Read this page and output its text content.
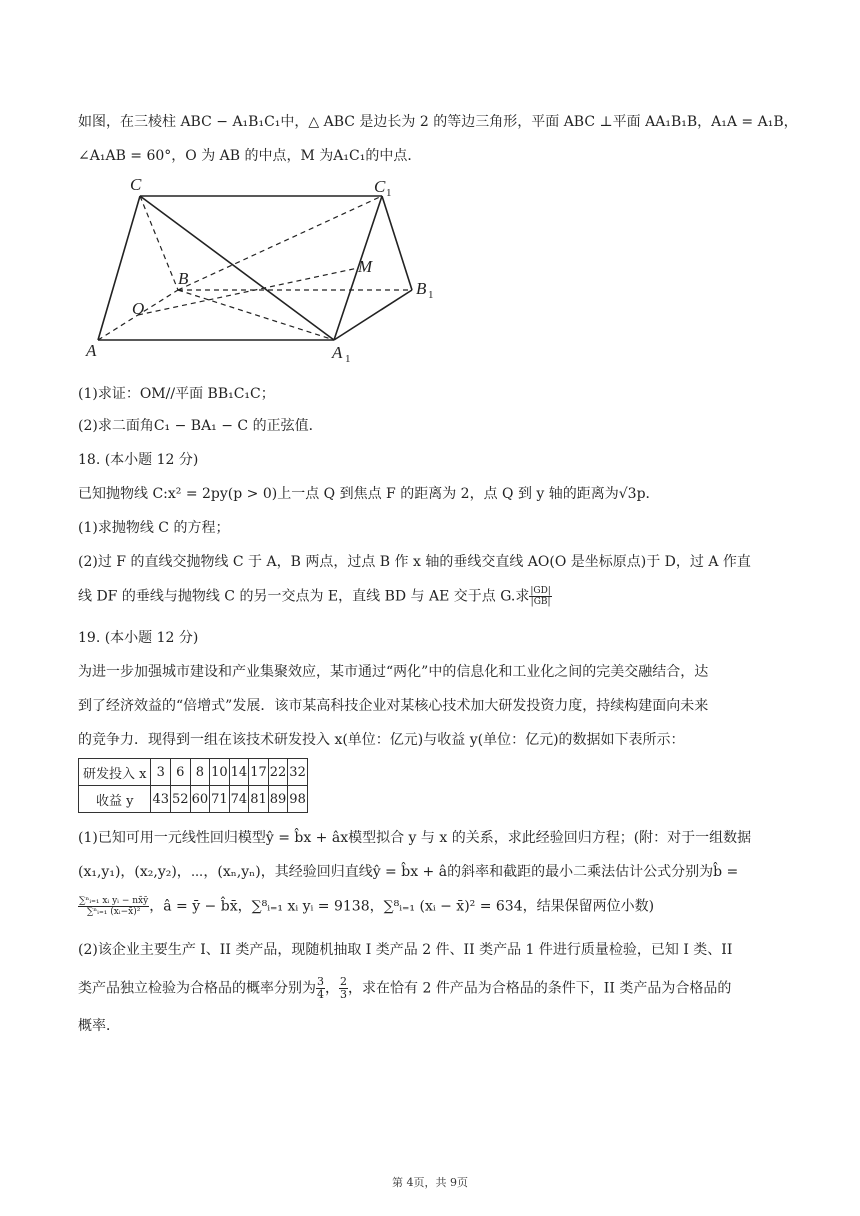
如图，在三棱柱 ABC − A₁B₁C₁中，△ ABC 是边长为 2 的等边三角形，平面 ABC ⊥平面 AA₁B₁B，A₁A = A₁B，
∠A₁AB = 60°，O 为 AB 的中点，M 为A₁C₁的中点．
C	C 1
B
M
B 1
O
A	A 1
(1)求证：OM//平面 BB₁C₁C；
(2)求二面角C₁ − BA₁ − C 的正弦值．
18. (本小题 12 分)
已知抛物线 C:x² = 2py(p > 0)上一点 Q 到焦点 F 的距离为 2，点 Q 到 y 轴的距离为√3p．
(1)求抛物线 C 的方程；
(2)过 F 的直线交抛物线 C 于 A，B 两点，过点 B 作 x 轴的垂线交直线 AO(O 是坐标原点)于 D，过 A 作直
线 DF 的垂线与抛物线 C 的另一交点为 E，直线 BD 与 AE 交于点 G.求 $\frac{|GD|}{|GB|}$
19. (本小题 12 分)
为进一步加强城市建设和产业集聚效应，某市通过“两化”中的信息化和工业化之间的完美交融结合，达
到了经济效益的“倍增式”发展．该市某高科技企业对某核心技术加大研发投资力度，持续构建面向未来
的竞争力．现得到一组在该技术研发投入 x(单位：亿元)与收益 y(单位：亿元)的数据如下表所示：
研发投入 x	3	6	8	10	14	17	22	32
收益 y	43	52	60	71	74	81	89	98
(1)已知可用一元线性回归模型ŷ = b̂x + âx模型拟合 y 与 x 的关系，求此经验回归方程；(附：对于一组数据
(x₁,y₁)，(x₂,y₂)，⋯，(xₙ,yₙ)，其经验回归直线ŷ = b̂x + â的斜率和截距的最小二乘法估计公式分别为b̂ =
$\frac{\text{∑ⁿᵢ₌₁ xᵢ yᵢ − nx̄ȳ}}{\text{∑ⁿᵢ₌₁ (xᵢ−x̄)²}}$ ，â = ȳ − b̂x̄，∑⁸ᵢ₌₁ xᵢ yᵢ = 9138，∑⁸ᵢ₌₁ (xᵢ − x̄)² = 634，结果保留两位小数)
(2)该企业主要生产 I、II 类产品，现随机抽取 I 类产品 2 件、II 类产品 1 件进行质量检验，已知 I 类、II
类产品独立检验为合格品的概率分别为 $\frac{3}{4}$ ， $\frac{2}{3}$ ，求在恰有 2 件产品为合格品的条件下，II 类产品为合格品的
概率．
第 4页，共 9页
